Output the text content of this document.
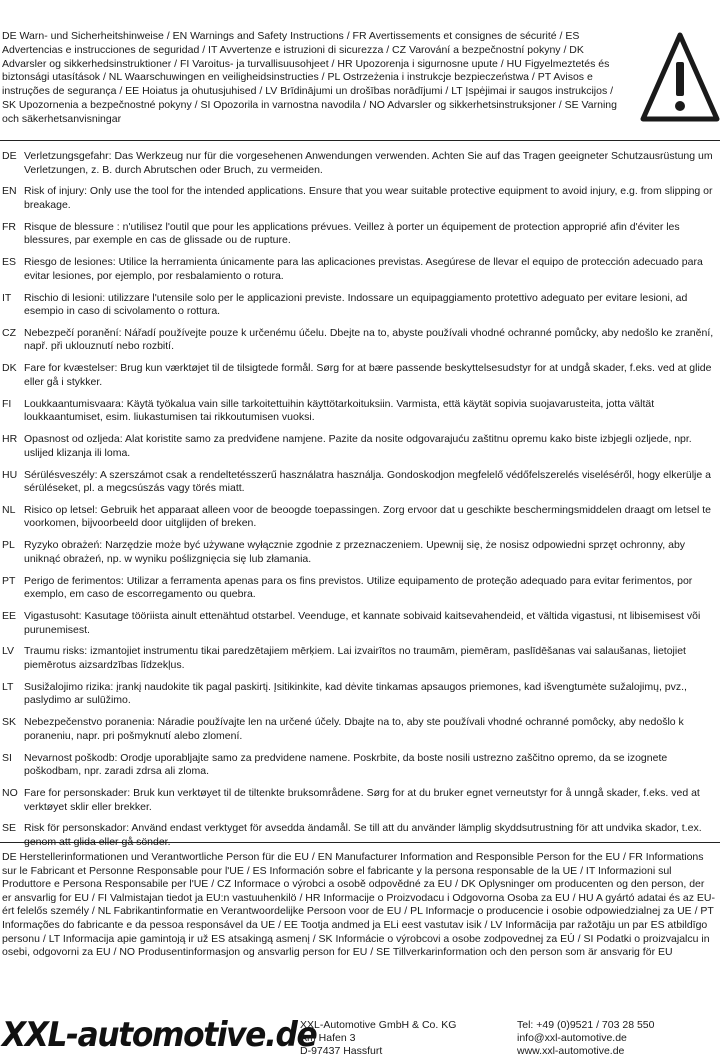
DE Warn- und Sicherheitshinweise / EN Warnings and Safety Instructions / FR Avertissements et consignes de sécurité / ES Advertencias e instrucciones de seguridad / IT Avvertenze e istruzioni di sicurezza / CZ Varování a bezpečnostní pokyny / DK Advarsler og sikkerhedsinstruktioner / FI Varoitus- ja turvallisuusohjeet / HR Upozorenja i sigurnosne upute / HU Figyelmeztetés és biztonsági utasítások / NL Waarschuwingen en veiligheidsinstructies / PL Ostrzeżenia i instrukcje bezpieczeństwa / PT Avisos e instruções de segurança / EE Hoiatus ja ohutusjuhised / LV Brīdinājumi un drošības norādījumi / LT Įspėjimai ir saugos instrukcijos / SK Upozornenia a bezpečnostné pokyny / SI Opozorila in varnostna navodila / NO Advarsler og sikkerhetsinstruksjoner / SE Varning och säkerhetsanvisningar
DE Verletzungsgefahr: Das Werkzeug nur für die vorgesehenen Anwendungen verwenden. Achten Sie auf das Tragen geeigneter Schutzausrüstung um Verletzungen, z. B. durch Abrutschen oder Bruch, zu vermeiden.
EN Risk of injury: Only use the tool for the intended applications. Ensure that you wear suitable protective equipment to avoid injury, e.g. from slipping or breakage.
FR Risque de blessure : n'utilisez l'outil que pour les applications prévues. Veillez à porter un équipement de protection approprié afin d'éviter les blessures, par exemple en cas de glissade ou de rupture.
ES Riesgo de lesiones: Utilice la herramienta únicamente para las aplicaciones previstas. Asegúrese de llevar el equipo de protección adecuado para evitar lesiones, por ejemplo, por resbalamiento o rotura.
IT	Rischio di lesioni: utilizzare l'utensile solo per le applicazioni previste. Indossare un equipaggiamento protettivo adeguato per evitare lesioni, ad esempio in caso di scivolamento o rottura.
CZ Nebezpečí poranění: Nářadí používejte pouze k určenému účelu. Dbejte na to, abyste používali vhodné ochranné pomůcky, aby nedošlo ke zranění, např. při uklouznutí nebo rozbití.
DK Fare for kvæstelser: Brug kun værktøjet til de tilsigtede formål. Sørg for at bære passende beskyttelsesudstyr for at undgå skader, f.eks. ved at glide eller gå i stykker.
FI	Loukkaantumisvaara: Käytä työkalua vain sille tarkoitettuihin käyttötarkoituksiin. Varmista, että käytät sopivia suojavarusteita, jotta vältät loukkaantumiset, esim. liukastumisen tai rikkoutumisen vuoksi.
HR Opasnost od ozljeda: Alat koristite samo za predviđene namjene. Pazite da nosite odgovarajuću zaštitnu opremu kako biste izbjegli ozljede, npr. uslijed klizanja ili loma.
HU Sérülésveszély: A szerszámot csak a rendeltetésszerű használatra használja. Gondoskodjon megfelelő védőfelszerelés viseléséről, hogy elkerülje a sérüléseket, pl. a megcsúszás vagy törés miatt.
NL Risico op letsel: Gebruik het apparaat alleen voor de beoogde toepassingen. Zorg ervoor dat u geschikte beschermingsmiddelen draagt om letsel te voorkomen, bijvoorbeeld door uitglijden of breken.
PL Ryzyko obrażeń: Narzędzie może być używane wyłącznie zgodnie z przeznaczeniem. Upewnij się, że nosisz odpowiedni sprzęt ochronny, aby uniknąć obrażeń, np. w wyniku poślizgnięcia się lub złamania.
PT Perigo de ferimentos: Utilizar a ferramenta apenas para os fins previstos. Utilize equipamento de proteção adequado para evitar ferimentos, por exemplo, em caso de escorregamento ou quebra.
EE Vigastusoht: Kasutage tööriista ainult ettenähtud otstarbel. Veenduge, et kannate sobivaid kaitsevahendeid, et vältida vigastusi, nt libisemisest või purunemisest.
LV Traumu risks: izmantojiet instrumentu tikai paredzētajiem mērķiem. Lai izvairītos no traumām, piemēram, paslīdēšanas vai salaušanas, lietojiet piemērotus aizsardzības līdzekļus.
LT	Susižalojimo rizika: įrankį naudokite tik pagal paskirtį. Įsitikinkite, kad dėvite tinkamas apsaugos priemones, kad išvengtumėte sužalojimų, pvz., paslydimo ar sulūžimo.
SK Nebezpečenstvo poranenia: Náradie používajte len na určené účely. Dbajte na to, aby ste používali vhodné ochranné pomôcky, aby nedošlo k poraneniu, napr. pri pošmyknutí alebo zlomení.
SI	Nevarnost poškodb: Orodje uporabljajte samo za predvidene namene. Poskrbite, da boste nosili ustrezno zaščitno opremo, da se izognete poškodbam, npr. zaradi zdrsa ali zloma.
NO Fare for personskader: Bruk kun verktøyet til de tiltenkte bruksområdene. Sørg for at du bruker egnet verneutstyr for å unngå skader, f.eks. ved at verktøyet sklir eller brekker.
SE Risk för personskador: Använd endast verktyget för avsedda ändamål. Se till att du använder lämplig skyddsutrustning för att undvika skador, t.ex. genom att glida eller gå sönder.
DE Herstellerinformationen und Verantwortliche Person für die EU / EN Manufacturer Information and Responsible Person for the EU / FR Informations sur le Fabricant et Personne Responsable pour l'UE / ES Información sobre el fabricante y la persona responsable de la UE / IT Informazioni sul Produttore e Persona Responsabile per l'UE / CZ Informace o výrobci a osobě odpovědné za EU / DK Oplysninger om producenten og den person, der er ansvarlig for EU / FI Valmistajan tiedot ja EU:n vastuuhenkilö / HR Informacije o Proizvodacu i Odgovorna Osoba za EU / HU A gyártó adatai és az EU-ért felelős személy / NL Fabrikantinformatie en Verantwoordelijke Persoon voor de EU / PL Informacje o producencie i osobie odpowiedzialnej za UE / PT Informações do fabricante e da pessoa responsável da UE / EE Tootja andmed ja ELi eest vastutav isik / LV Informācija par ražotāju un par ES atbildīgo personu / LT Informacija apie gamintoją ir už ES atsakingą asmenį / SK Informácie o výrobcovi a osobe zodpovednej za EÚ / SI Podatki o proizvajalcu in osebi, odgovorni za EU / NO Produsentinformasjon og ansvarlig person for EU / SE Tillverkarinformation och den person som är ansvarig för EU
XXL-automotive.de
XXL-Automotive GmbH & Co. KG
Am Hafen 3
D-97437 Hassfurt
Tel: +49 (0)9521 / 703 28 550
info@xxl-automotive.de
www.xxl-automotive.de
